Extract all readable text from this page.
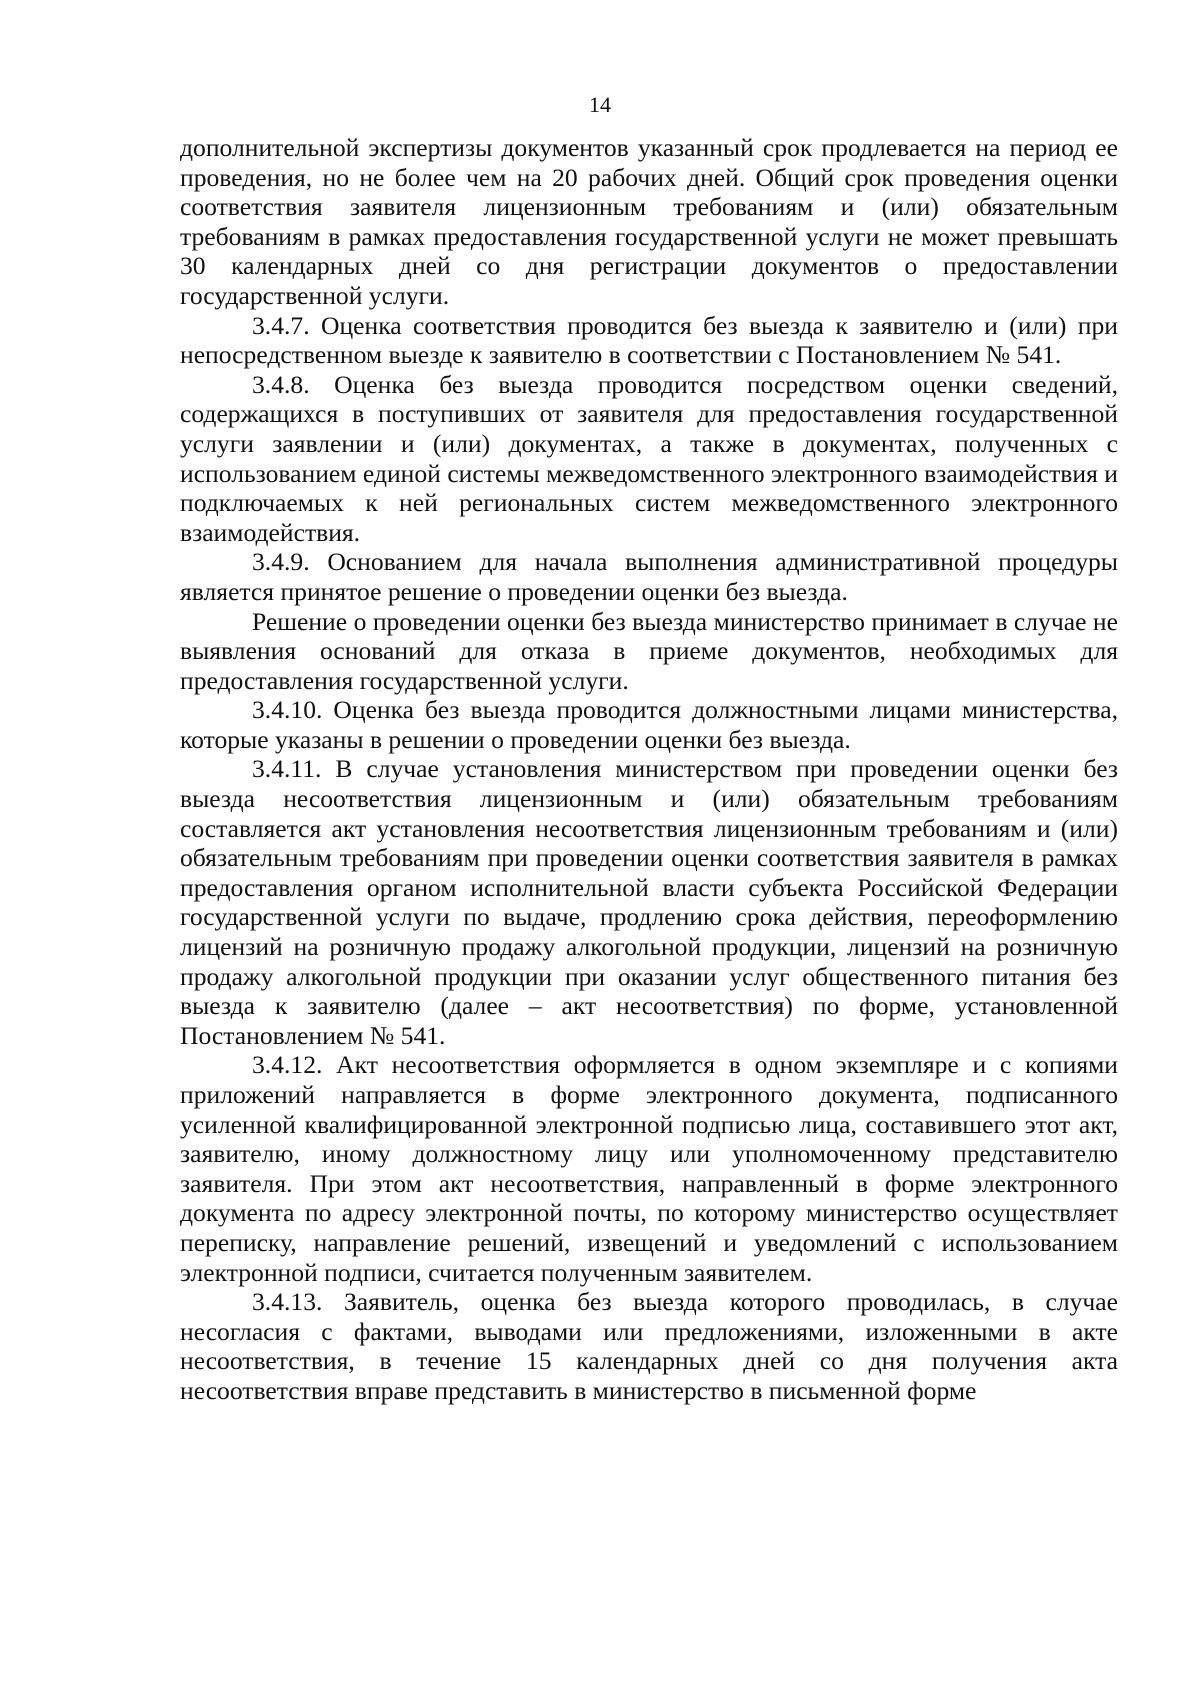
14

дополнительной экспертизы документов указанный срок продлевается на период ее проведения, но не более чем на 20 рабочих дней. Общий срок проведения оценки соответствия заявителя лицензионным требованиям и (или) обязательным требованиям в рамках предоставления государственной услуги не может превышать 30 календарных дней со дня регистрации документов о предоставлении государственной услуги.

3.4.7. Оценка соответствия проводится без выезда к заявителю и (или) при непосредственном выезде к заявителю в соответствии с Постановлением № 541.

3.4.8. Оценка без выезда проводится посредством оценки сведений, содержащихся в поступивших от заявителя для предоставления государственной услуги заявлении и (или) документах, а также в документах, полученных с использованием единой системы межведомственного электронного взаимодействия и подключаемых к ней региональных систем межведомственного электронного взаимодействия.

3.4.9. Основанием для начала выполнения административной процедуры является принятое решение о проведении оценки без выезда.

Решение о проведении оценки без выезда министерство принимает в случае не выявления оснований для отказа в приеме документов, необходимых для предоставления государственной услуги.

3.4.10. Оценка без выезда проводится должностными лицами министерства, которые указаны в решении о проведении оценки без выезда.

3.4.11. В случае установления министерством при проведении оценки без выезда несоответствия лицензионным и (или) обязательным требованиям составляется акт установления несоответствия лицензионным требованиям и (или) обязательным требованиям при проведении оценки соответствия заявителя в рамках предоставления органом исполнительной власти субъекта Российской Федерации государственной услуги по выдаче, продлению срока действия, переоформлению лицензий на розничную продажу алкогольной продукции, лицензий на розничную продажу алкогольной продукции при оказании услуг общественного питания без выезда к заявителю (далее – акт несоответствия) по форме, установленной Постановлением № 541.

3.4.12. Акт несоответствия оформляется в одном экземпляре и с копиями приложений направляется в форме электронного документа, подписанного усиленной квалифицированной электронной подписью лица, составившего этот акт, заявителю, иному должностному лицу или уполномоченному представителю заявителя. При этом акт несоответствия, направленный в форме электронного документа по адресу электронной почты, по которому министерство осуществляет переписку, направление решений, извещений и уведомлений с использованием электронной подписи, считается полученным заявителем.

3.4.13. Заявитель, оценка без выезда которого проводилась, в случае несогласия с фактами, выводами или предложениями, изложенными в акте несоответствия, в течение 15 календарных дней со дня получения акта несоответствия вправе представить в министерство в письменной форме
